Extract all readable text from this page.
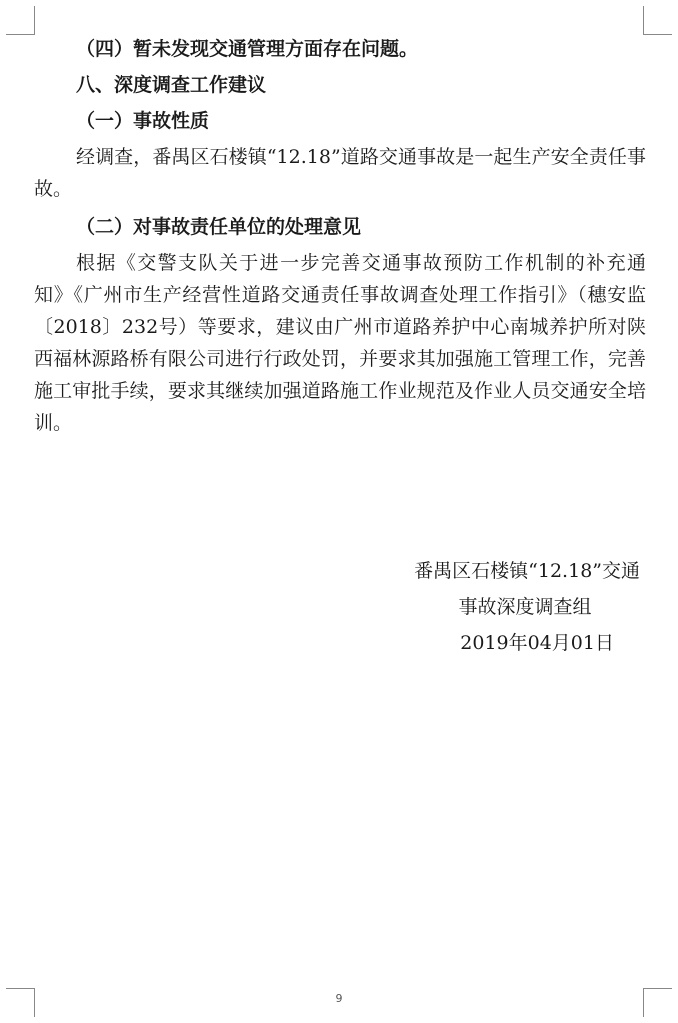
（四）暂未发现交通管理方面存在问题。

八、深度调查工作建议

（一）事故性质

经调查，番禺区石楼镇“12.18”道路交通事故是一起生产安全责任事故。

（二）对事故责任单位的处理意见

根据《交警支队关于进一步完善交通事故预防工作机制的补充通知》《广州市生产经营性道路交通责任事故调查处理工作指引》（穗安监〔2018〕232号）等要求，建议由广州市道路养护中心南城养护所对陕西福林源路桥有限公司进行行政处罚，并要求其加强施工管理工作，完善施工审批手续，要求其继续加强道路施工作业规范及作业人员交通安全培训。

番禺区石楼镇“12.18”交通

事故深度调查组

2019年04月01日

9
